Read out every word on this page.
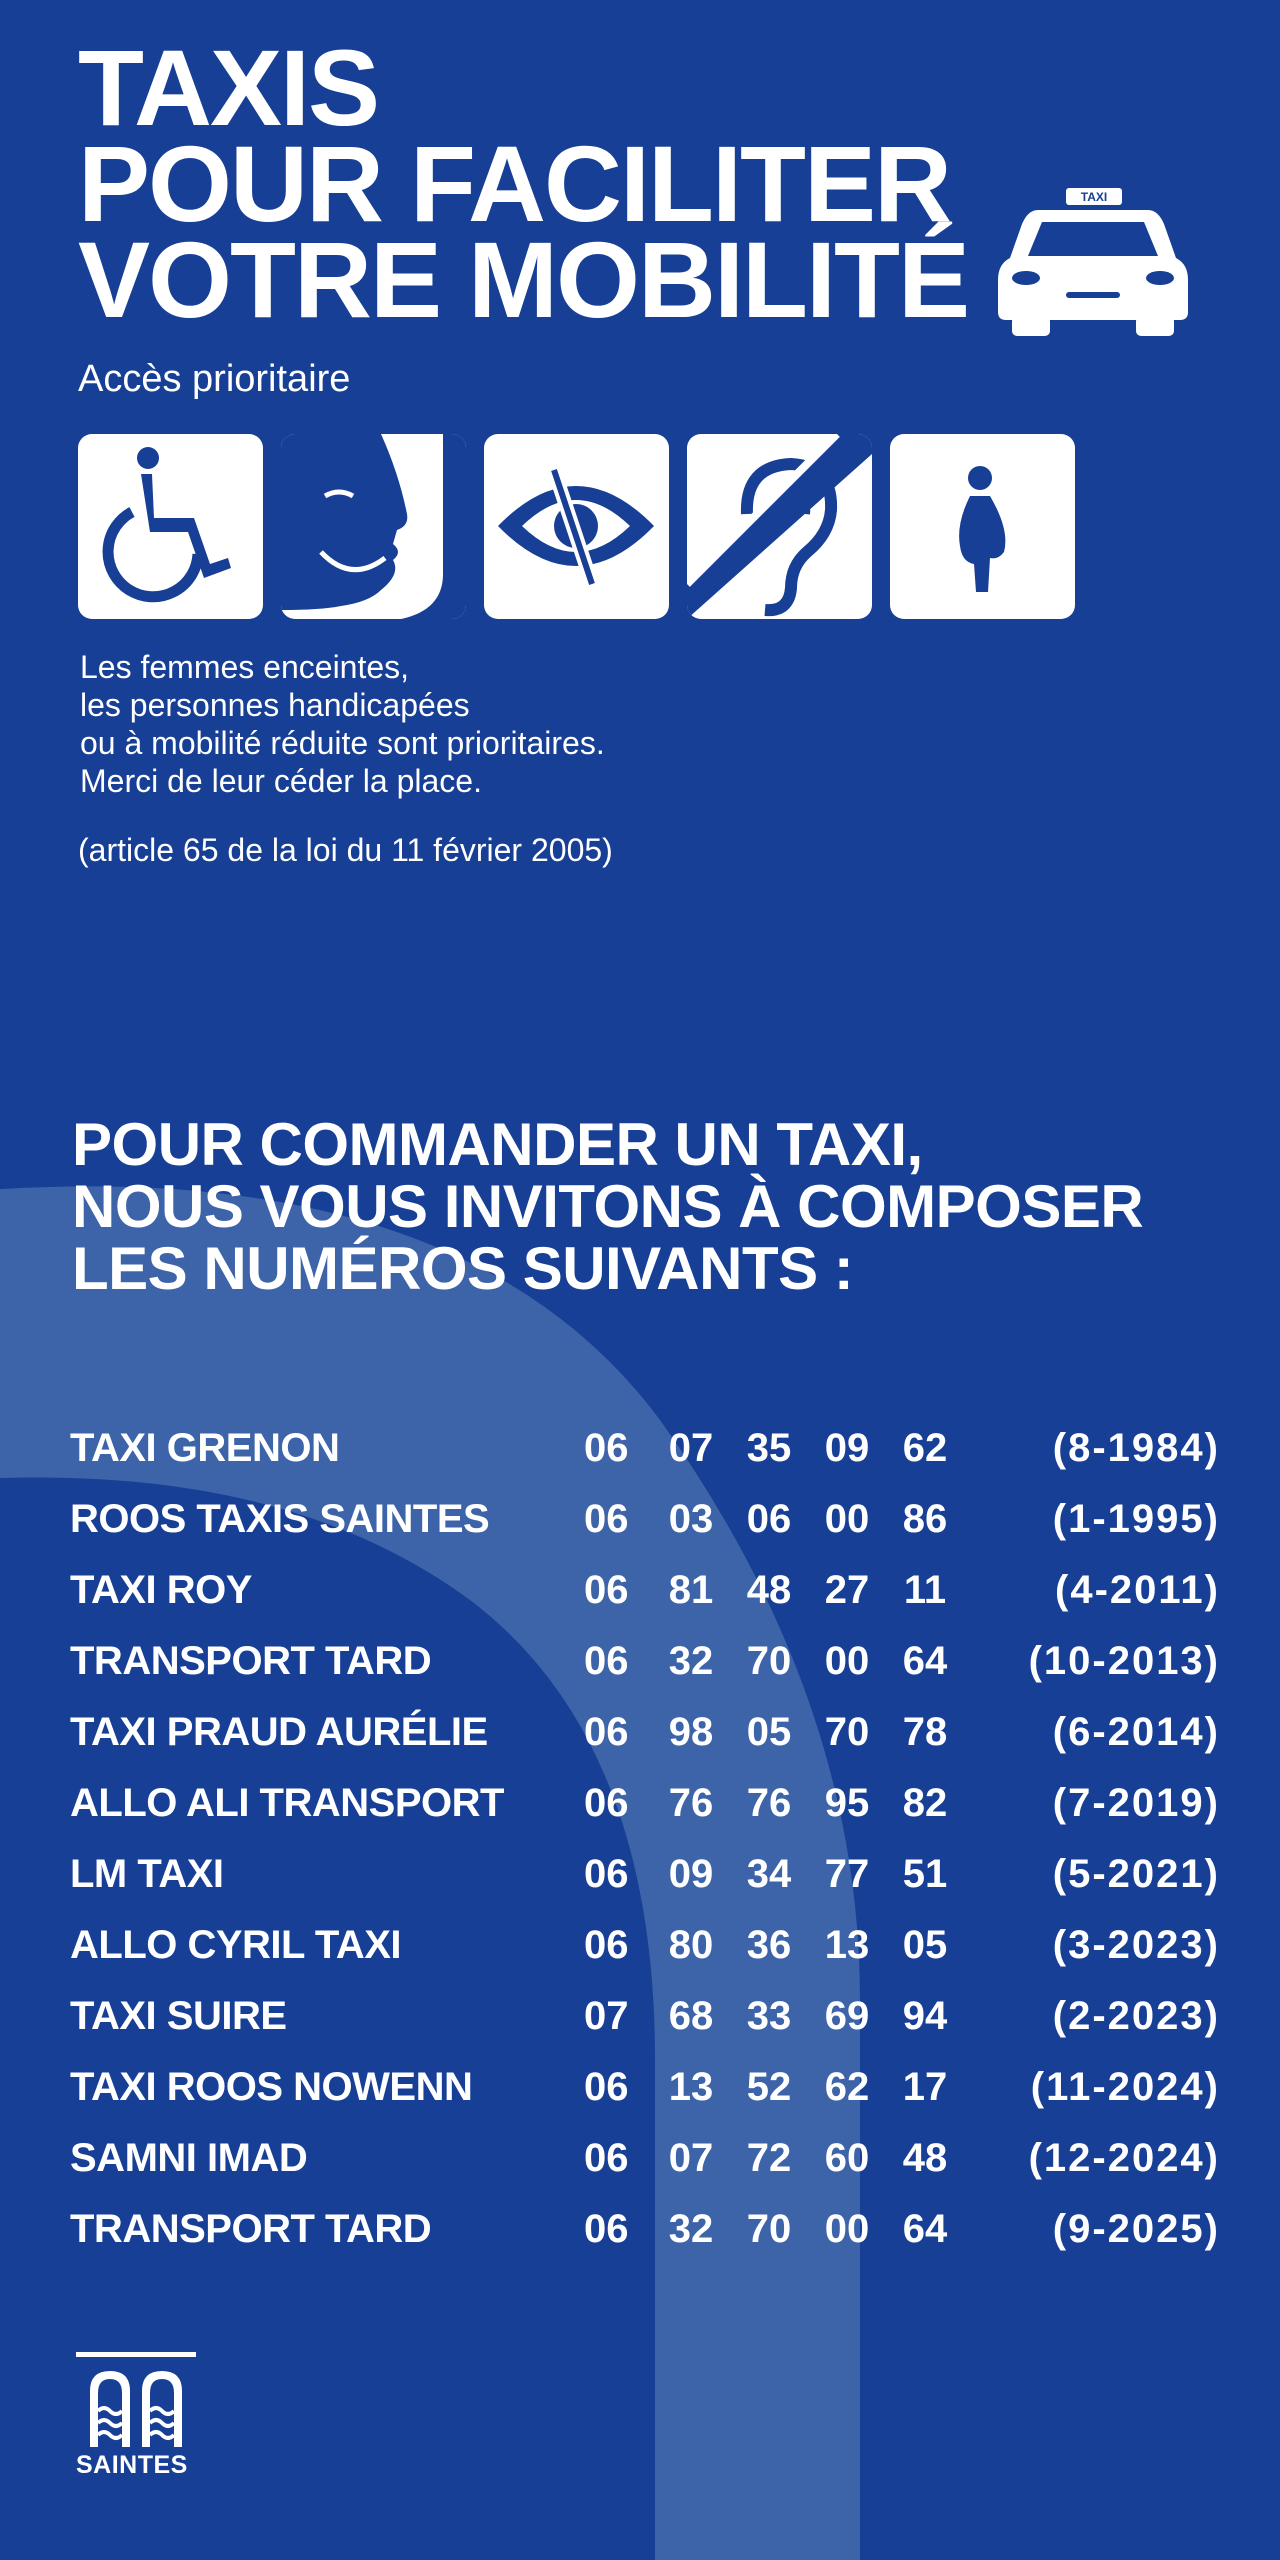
TAXIS
POUR FACILITER
VOTRE MOBILITÉ
TAXI

Accès prioritaire

Les femmes enceintes,
les personnes handicapées
ou à mobilité réduite sont prioritaires.
Merci de leur céder la place.

(article 65 de la loi du 11 février 2005)

POUR COMMANDER UN TAXI,
NOUS VOUS INVITONS À COMPOSER
LES NUMÉROS SUIVANTS :
TAXI GRENON	06	07 35 09 62	(8-1984)
ROOS TAXIS SAINTES 06	03 06 00 86	(1-1995)
TAXI ROY	06	81 48 27 11	(4-2011)
TRANSPORT TARD	06	32 70 00 64	(10-2013)
TAXI PRAUD AURÉLIE 06	98 05 70 78	(6-2014)
ALLO ALI TRANSPORT 06	76 76 95 82	(7-2019)
LM TAXI	06	09 34 77 51	(5-2021)
ALLO CYRIL TAXI	06	80 36 13 05	(3-2023)
TAXI SUIRE	07	68 33 69 94	(2-2023)
TAXI ROOS NOWENN	06	13 52 62 17	(11-2024)
SAMNI IMAD	06	07 72 60 48	(12-2024)
TRANSPORT TARD	06	32 70 00 64	(9-2025)
SAINTES
